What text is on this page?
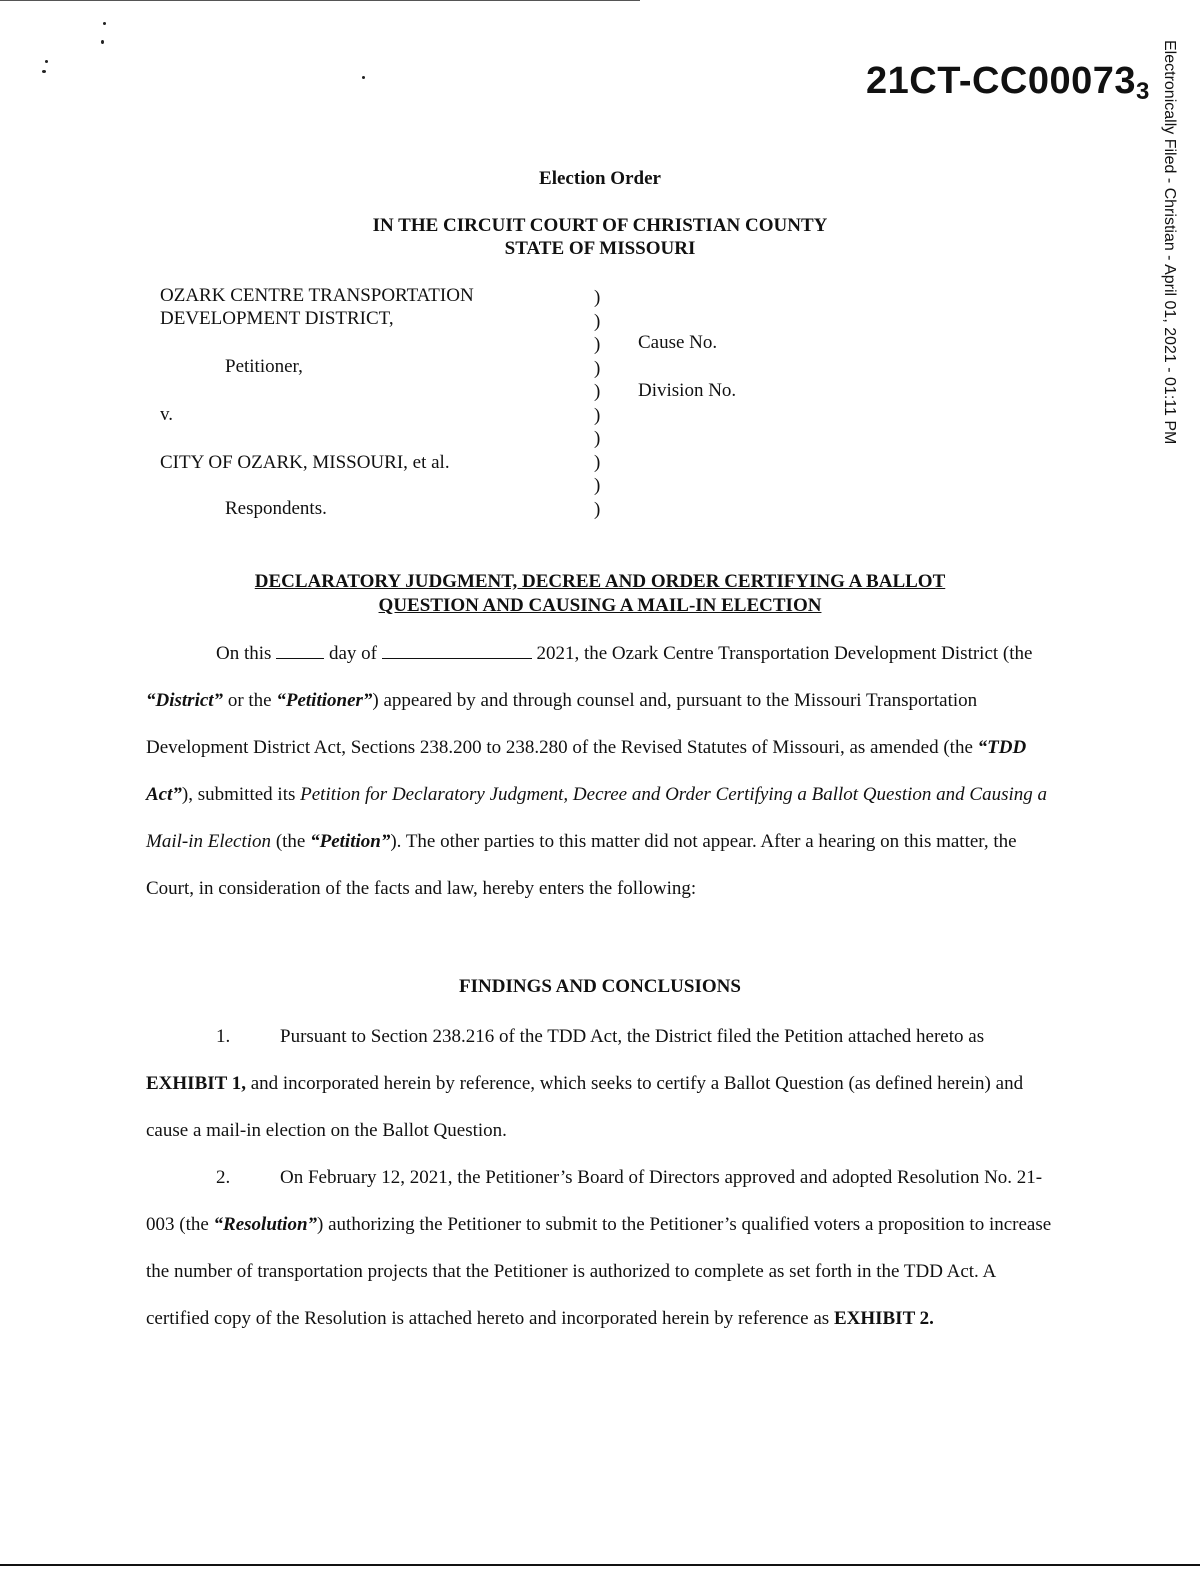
21CT-CC000733 Electronically Filed - Christian - April 01, 2021 - 01:11 PM
Election Order
IN THE CIRCUIT COURT OF CHRISTIAN COUNTY
STATE OF MISSOURI
OZARK CENTRE TRANSPORTATION
DEVELOPMENT DISTRICT,
Petitioner,
v.
CITY OF OZARK, MISSOURI, et al.
Respondents.
)
)
)
)
)
)
)
)
)
)
Cause No.
Division No.
DECLARATORY JUDGMENT, DECREE AND ORDER CERTIFYING A BALLOT
QUESTION AND CAUSING A MAIL-IN ELECTION

On this	day of	2021, the Ozark Centre Transportation Development District (the “District” or the “Petitioner”) appeared by and through counsel and, pursuant to the Missouri Transportation Development District Act, Sections 238.200 to 238.280 of the Revised Statutes of Missouri, as amended (the “TDD Act”), submitted its Petition for Declaratory Judgment, Decree and Order Certifying a Ballot Question and Causing a Mail-in Election (the “Petition”). The other parties to this matter did not appear. After a hearing on this matter, the Court, in consideration of the facts and law, hereby enters the following:

FINDINGS AND CONCLUSIONS

1.	Pursuant to Section 238.216 of the TDD Act, the District filed the Petition attached hereto as EXHIBIT 1, and incorporated herein by reference, which seeks to certify a Ballot Question (as defined herein) and cause a mail-in election on the Ballot Question.

2.	On February 12, 2021, the Petitioner’s Board of Directors approved and adopted Resolution No. 21-003 (the “Resolution”) authorizing the Petitioner to submit to the Petitioner’s qualified voters a proposition to increase the number of transportation projects that the Petitioner is authorized to complete as set forth in the TDD Act. A certified copy of the Resolution is attached hereto and incorporated herein by reference as EXHIBIT 2.
